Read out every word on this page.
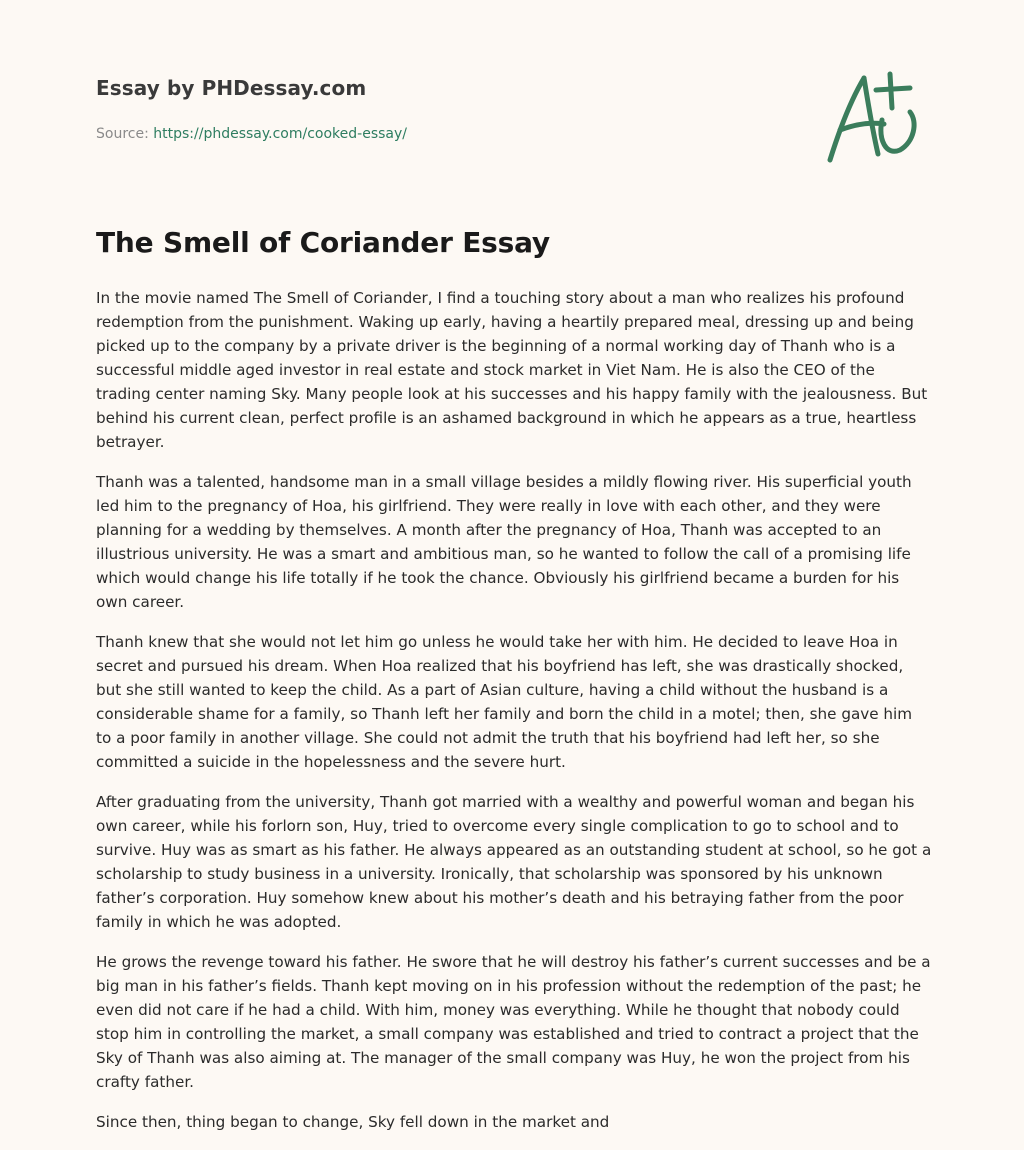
Essay by PHDessay.com
Source: https://phdessay.com/cooked-essay/
The Smell of Coriander Essay

In the movie named The Smell of Coriander, I find a touching story about a man who realizes his profound redemption from the punishment. Waking up early, having a heartily prepared meal, dressing up and being picked up to the company by a private driver is the beginning of a normal working day of Thanh who is a successful middle aged investor in real estate and stock market in Viet Nam. He is also the CEO of the trading center naming Sky. Many people look at his successes and his happy family with the jealousness. But behind his current clean, perfect profile is an ashamed background in which he appears as a true, heartless betrayer.

Thanh was a talented, handsome man in a small village besides a mildly flowing river. His superficial youth led him to the pregnancy of Hoa, his girlfriend. They were really in love with each other, and they were planning for a wedding by themselves. A month after the pregnancy of Hoa, Thanh was accepted to an illustrious university. He was a smart and ambitious man, so he wanted to follow the call of a promising life which would change his life totally if he took the chance. Obviously his girlfriend became a burden for his own career.

Thanh knew that she would not let him go unless he would take her with him. He decided to leave Hoa in secret and pursued his dream. When Hoa realized that his boyfriend has left, she was drastically shocked, but she still wanted to keep the child. As a part of Asian culture, having a child without the husband is a considerable shame for a family, so Thanh left her family and born the child in a motel; then, she gave him to a poor family in another village. She could not admit the truth that his boyfriend had left her, so she committed a suicide in the hopelessness and the severe hurt.

After graduating from the university, Thanh got married with a wealthy and powerful woman and began his own career, while his forlorn son, Huy, tried to overcome every single complication to go to school and to survive. Huy was as smart as his father. He always appeared as an outstanding student at school, so he got a scholarship to study business in a university. Ironically, that scholarship was sponsored by his unknown father’s corporation. Huy somehow knew about his mother’s death and his betraying father from the poor family in which he was adopted.

He grows the revenge toward his father. He swore that he will destroy his father’s current successes and be a big man in his father’s fields. Thanh kept moving on in his profession without the redemption of the past; he even did not care if he had a child. With him, money was everything. While he thought that nobody could stop him in controlling the market, a small company was established and tried to contract a project that the Sky of Thanh was also aiming at. The manager of the small company was Huy, he won the project from his crafty father.

Since then, thing began to change, Sky fell down in the market and
